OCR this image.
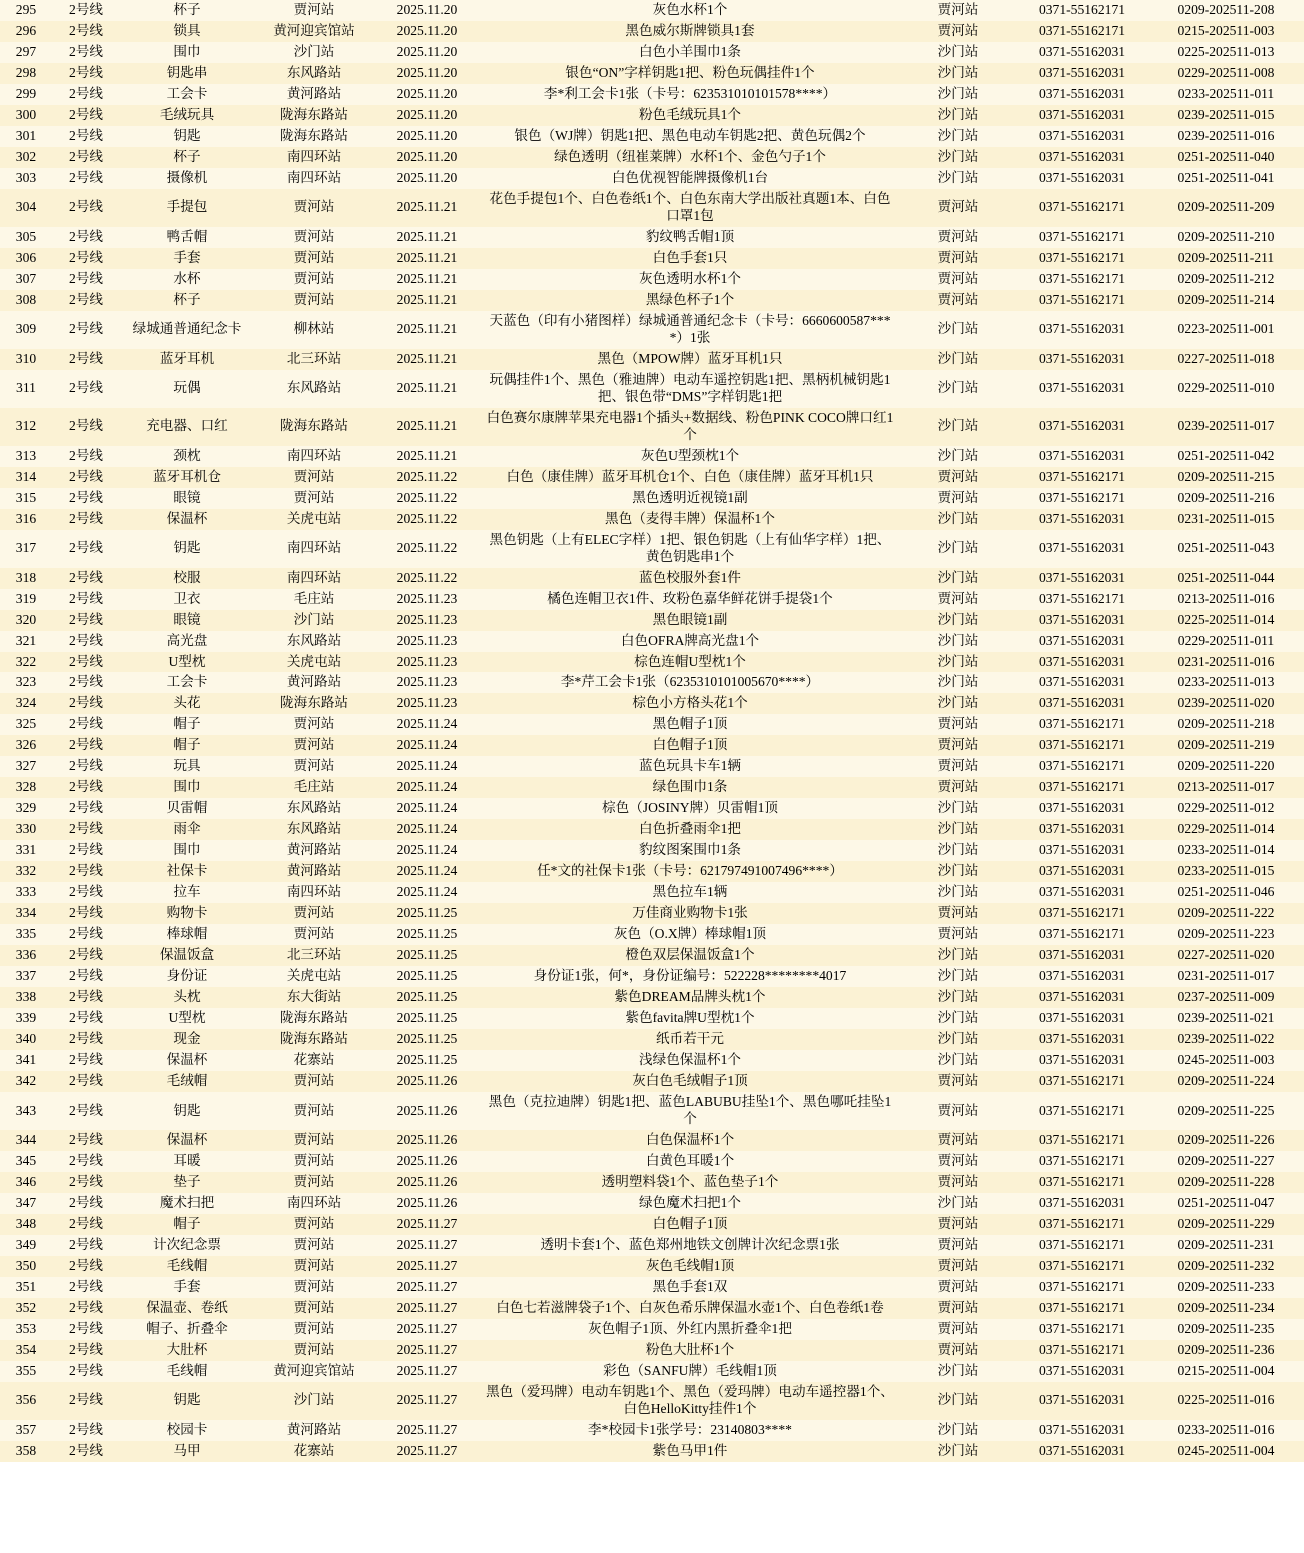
295	2号线	杯子	贾河站	2025.11.20	灰色水杯1个	贾河站	0371-55162171	0209-202511-208
296	2号线	锁具	黄河迎宾馆站	2025.11.20	黑色威尔斯牌锁具1套	贾河站	0371-55162171	0215-202511-003
297	2号线	围巾	沙门站	2025.11.20	白色小羊围巾1条	沙门站	0371-55162031	0225-202511-013
298	2号线	钥匙串	东风路站	2025.11.20	银色“ON”字样钥匙1把、粉色玩偶挂件1个	沙门站	0371-55162031	0229-202511-008
299	2号线	工会卡	黄河路站	2025.11.20	李*利工会卡1张（卡号：623531010101578****）	沙门站	0371-55162031	0233-202511-011
300	2号线	毛绒玩具	陇海东路站	2025.11.20	粉色毛绒玩具1个	沙门站	0371-55162031	0239-202511-015
301	2号线	钥匙	陇海东路站	2025.11.20	银色（WJ牌）钥匙1把、黑色电动车钥匙2把、黄色玩偶2个	沙门站	0371-55162031	0239-202511-016
302	2号线	杯子	南四环站	2025.11.20	绿色透明（纽崔莱牌）水杯1个、金色勺子1个	沙门站	0371-55162031	0251-202511-040
303	2号线	摄像机	南四环站	2025.11.20	白色优视智能牌摄像机1台	沙门站	0371-55162031	0251-202511-041
304	2号线	手提包	贾河站	2025.11.21	花色手提包1个、白色卷纸1个、白色东南大学出版社真题1本、白色口罩1包	贾河站	0371-55162171	0209-202511-209
305	2号线	鸭舌帽	贾河站	2025.11.21	豹纹鸭舌帽1顶	贾河站	0371-55162171	0209-202511-210
306	2号线	手套	贾河站	2025.11.21	白色手套1只	贾河站	0371-55162171	0209-202511-211
307	2号线	水杯	贾河站	2025.11.21	灰色透明水杯1个	贾河站	0371-55162171	0209-202511-212
308	2号线	杯子	贾河站	2025.11.21	黑绿色杯子1个	贾河站	0371-55162171	0209-202511-214
309	2号线	绿城通普通纪念卡	柳林站	2025.11.21	天蓝色（印有小猪图样）绿城通普通纪念卡（卡号：6660600587****）1张	沙门站	0371-55162031	0223-202511-001
310	2号线	蓝牙耳机	北三环站	2025.11.21	黑色（MPOW牌）蓝牙耳机1只	沙门站	0371-55162031	0227-202511-018
311	2号线	玩偶	东风路站	2025.11.21	玩偶挂件1个、黑色（雅迪牌）电动车遥控钥匙1把、黑柄机械钥匙1把、银色带“DMS”字样钥匙1把	沙门站	0371-55162031	0229-202511-010
312	2号线	充电器、口红	陇海东路站	2025.11.21	白色赛尔康牌苹果充电器1个插头+数据线、粉色PINK COCO牌口红1个	沙门站	0371-55162031	0239-202511-017
313	2号线	颈枕	南四环站	2025.11.21	灰色U型颈枕1个	沙门站	0371-55162031	0251-202511-042
314	2号线	蓝牙耳机仓	贾河站	2025.11.22	白色（康佳牌）蓝牙耳机仓1个、白色（康佳牌）蓝牙耳机1只	贾河站	0371-55162171	0209-202511-215
315	2号线	眼镜	贾河站	2025.11.22	黑色透明近视镜1副	贾河站	0371-55162171	0209-202511-216
316	2号线	保温杯	关虎屯站	2025.11.22	黑色（麦得丰牌）保温杯1个	沙门站	0371-55162031	0231-202511-015
317	2号线	钥匙	南四环站	2025.11.22	黑色钥匙（上有ELEC字样）1把、银色钥匙（上有仙华字样）1把、黄色钥匙串1个	沙门站	0371-55162031	0251-202511-043
318	2号线	校服	南四环站	2025.11.22	蓝色校服外套1件	沙门站	0371-55162031	0251-202511-044
319	2号线	卫衣	毛庄站	2025.11.23	橘色连帽卫衣1件、玫粉色嘉华鲜花饼手提袋1个	贾河站	0371-55162171	0213-202511-016
320	2号线	眼镜	沙门站	2025.11.23	黑色眼镜1副	沙门站	0371-55162031	0225-202511-014
321	2号线	高光盘	东风路站	2025.11.23	白色OFRA牌高光盘1个	沙门站	0371-55162031	0229-202511-011
322	2号线	U型枕	关虎屯站	2025.11.23	棕色连帽U型枕1个	沙门站	0371-55162031	0231-202511-016
323	2号线	工会卡	黄河路站	2025.11.23	李*芹工会卡1张（6235310101005670****）	沙门站	0371-55162031	0233-202511-013
324	2号线	头花	陇海东路站	2025.11.23	棕色小方格头花1个	沙门站	0371-55162031	0239-202511-020
325	2号线	帽子	贾河站	2025.11.24	黑色帽子1顶	贾河站	0371-55162171	0209-202511-218
326	2号线	帽子	贾河站	2025.11.24	白色帽子1顶	贾河站	0371-55162171	0209-202511-219
327	2号线	玩具	贾河站	2025.11.24	蓝色玩具卡车1辆	贾河站	0371-55162171	0209-202511-220
328	2号线	围巾	毛庄站	2025.11.24	绿色围巾1条	贾河站	0371-55162171	0213-202511-017
329	2号线	贝雷帽	东风路站	2025.11.24	棕色（JOSINY牌）贝雷帽1顶	沙门站	0371-55162031	0229-202511-012
330	2号线	雨伞	东风路站	2025.11.24	白色折叠雨伞1把	沙门站	0371-55162031	0229-202511-014
331	2号线	围巾	黄河路站	2025.11.24	豹纹图案围巾1条	沙门站	0371-55162031	0233-202511-014
332	2号线	社保卡	黄河路站	2025.11.24	任*文的社保卡1张（卡号：621797491007496****）	沙门站	0371-55162031	0233-202511-015
333	2号线	拉车	南四环站	2025.11.24	黑色拉车1辆	沙门站	0371-55162031	0251-202511-046
334	2号线	购物卡	贾河站	2025.11.25	万佳商业购物卡1张	贾河站	0371-55162171	0209-202511-222
335	2号线	棒球帽	贾河站	2025.11.25	灰色（O.X牌）棒球帽1顶	贾河站	0371-55162171	0209-202511-223
336	2号线	保温饭盒	北三环站	2025.11.25	橙色双层保温饭盒1个	沙门站	0371-55162031	0227-202511-020
337	2号线	身份证	关虎屯站	2025.11.25	身份证1张，何*，身份证编号：522228********4017	沙门站	0371-55162031	0231-202511-017
338	2号线	头枕	东大街站	2025.11.25	紫色DREAM品牌头枕1个	沙门站	0371-55162031	0237-202511-009
339	2号线	U型枕	陇海东路站	2025.11.25	紫色favita牌U型枕1个	沙门站	0371-55162031	0239-202511-021
340	2号线	现金	陇海东路站	2025.11.25	纸币若干元	沙门站	0371-55162031	0239-202511-022
341	2号线	保温杯	花寨站	2025.11.25	浅绿色保温杯1个	沙门站	0371-55162031	0245-202511-003
342	2号线	毛绒帽	贾河站	2025.11.26	灰白色毛绒帽子1顶	贾河站	0371-55162171	0209-202511-224
343	2号线	钥匙	贾河站	2025.11.26	黑色（克拉迪牌）钥匙1把、蓝色LABUBU挂坠1个、黑色哪吒挂坠1个	贾河站	0371-55162171	0209-202511-225
344	2号线	保温杯	贾河站	2025.11.26	白色保温杯1个	贾河站	0371-55162171	0209-202511-226
345	2号线	耳暖	贾河站	2025.11.26	白黄色耳暖1个	贾河站	0371-55162171	0209-202511-227
346	2号线	垫子	贾河站	2025.11.26	透明塑料袋1个、蓝色垫子1个	贾河站	0371-55162171	0209-202511-228
347	2号线	魔术扫把	南四环站	2025.11.26	绿色魔术扫把1个	沙门站	0371-55162031	0251-202511-047
348	2号线	帽子	贾河站	2025.11.27	白色帽子1顶	贾河站	0371-55162171	0209-202511-229
349	2号线	计次纪念票	贾河站	2025.11.27	透明卡套1个、蓝色郑州地铁文创牌计次纪念票1张	贾河站	0371-55162171	0209-202511-231
350	2号线	毛线帽	贾河站	2025.11.27	灰色毛线帽1顶	贾河站	0371-55162171	0209-202511-232
351	2号线	手套	贾河站	2025.11.27	黑色手套1双	贾河站	0371-55162171	0209-202511-233
352	2号线	保温壶、卷纸	贾河站	2025.11.27	白色七若滋牌袋子1个、白灰色希乐牌保温水壶1个、白色卷纸1卷	贾河站	0371-55162171	0209-202511-234
353	2号线	帽子、折叠伞	贾河站	2025.11.27	灰色帽子1顶、外红内黑折叠伞1把	贾河站	0371-55162171	0209-202511-235
354	2号线	大肚杯	贾河站	2025.11.27	粉色大肚杯1个	贾河站	0371-55162171	0209-202511-236
355	2号线	毛线帽	黄河迎宾馆站	2025.11.27	彩色（SANFU牌）毛线帽1顶	沙门站	0371-55162031	0215-202511-004
356	2号线	钥匙	沙门站	2025.11.27	黑色（爱玛牌）电动车钥匙1个、黑色（爱玛牌）电动车遥控器1个、白色HelloKitty挂件1个	沙门站	0371-55162031	0225-202511-016
357	2号线	校园卡	黄河路站	2025.11.27	李*校园卡1张学号：23140803****	沙门站	0371-55162031	0233-202511-016
358	2号线	马甲	花寨站	2025.11.27	紫色马甲1件	沙门站	0371-55162031	0245-202511-004
